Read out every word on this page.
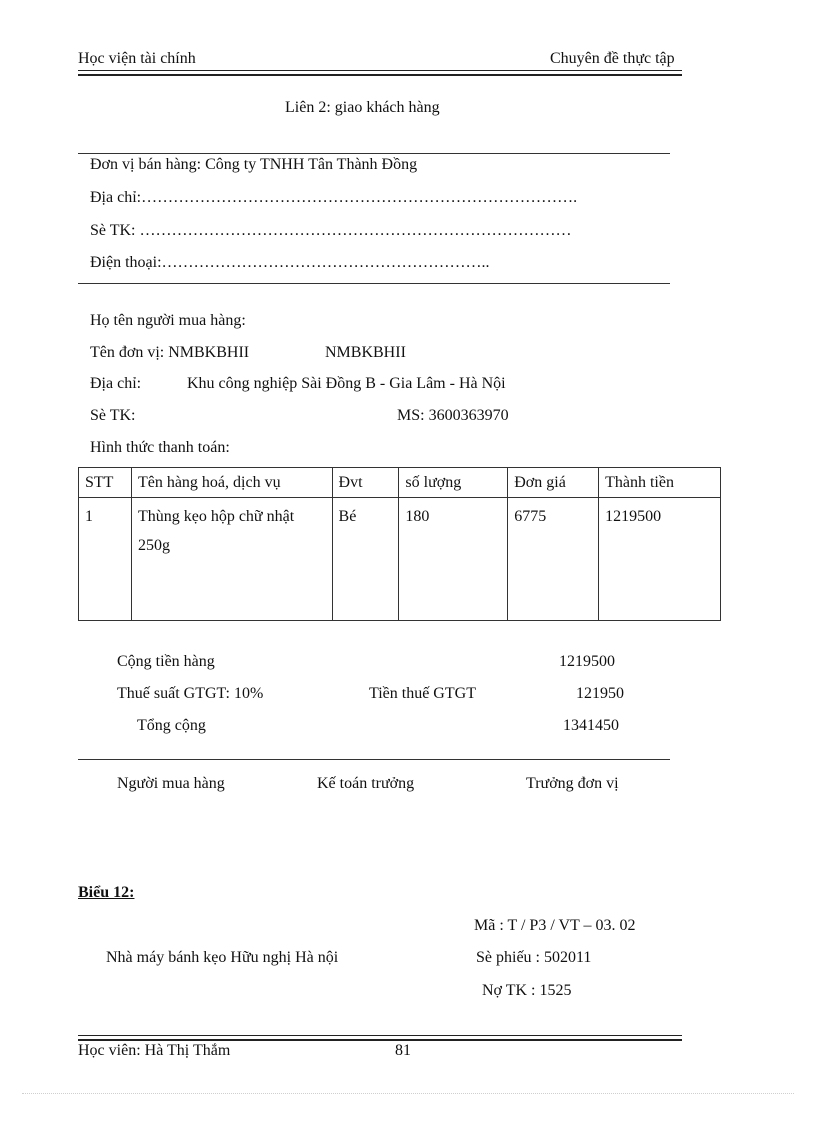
Học viện tài chính	Chuyên đề thực tập
Liên 2: giao khách hàng
Đơn vị bán hàng: Công ty TNHH Tân Thành Đồng
Địa chỉ:……………………………………………………………………….
Sè TK: ………………………………………………………………………
Điện thoại:……………………………………………………..
Họ tên người mua hàng:
Tên đơn vị: NMBKBHII	NMBKBHII
Địa chỉ:	Khu công nghiệp Sài Đồng B - Gia Lâm - Hà Nội
Sè TK:	MS: 3600363970
Hình thức thanh toán:
STT	Tên hàng hoá, dịch vụ	Đvt	số lượng	Đơn giá	Thành tiền
1	Thùng kẹo hộp chữ nhật 250g	Bé	180	6775	1219500
Cộng tiền hàng	1219500
Thuế suất GTGT: 10%	Tiền thuế GTGT	121950
Tổng cộng	1341450
Người mua hàng	Kế toán trưởng	Trưởng đơn vị
Biểu 12:
Mã : T / P3 / VT – 03. 02
Nhà máy bánh kẹo Hữu nghị Hà nội	Sè phiếu : 502011
Nợ TK : 1525
Học viên: Hà Thị Thắm	81
